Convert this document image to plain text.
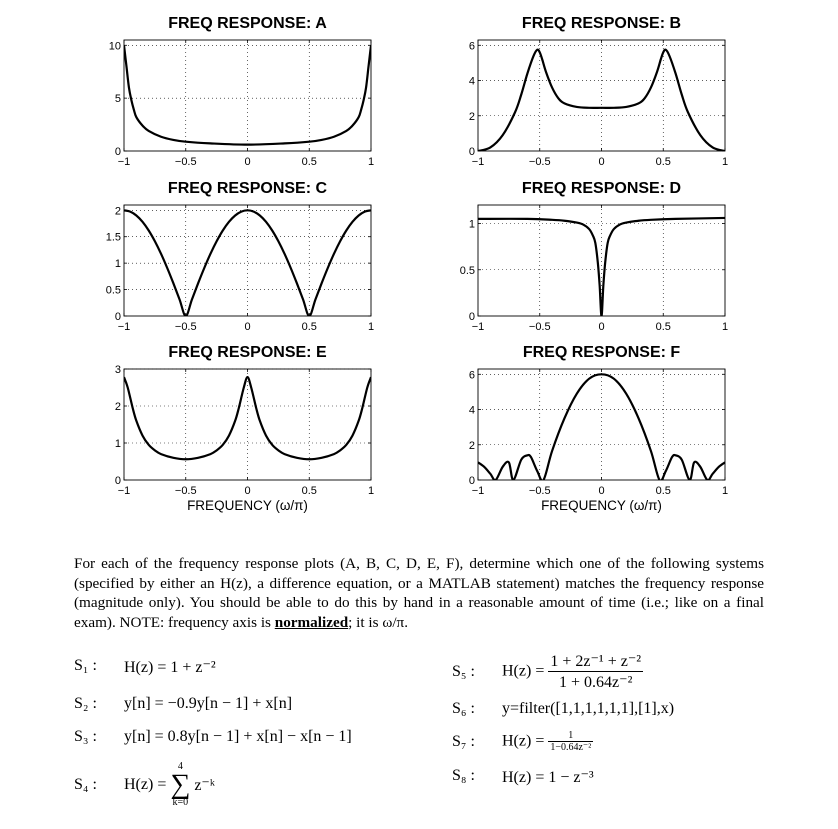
−1	−0.5	0	0.5	1
0
5
10
FREQ RESPONSE: A
−1	−0.5	0	0.5	1
0
2
4
6
FREQ RESPONSE: B
−1	−0.5	0	0.5	1
0
0.5
1
1.5
2
FREQ RESPONSE: C
−1	−0.5	0	0.5	1
0
0.5
1
FREQ RESPONSE: D
−1	−0.5	0	0.5	1
0
1
2
3
FREQ RESPONSE: E
FREQUENCY (ω/π)
−1	−0.5	0	0.5	1
0
2
4
6
FREQ RESPONSE: F
FREQUENCY (ω/π)
For each of the frequency response plots (A, B, C, D, E, F), determine which one of the following systems (specified by either an H(z), a difference equation, or a MATLAB statement) matches the frequency response (magnitude only). You should be able to do this by hand in a reasonable amount of time (i.e.; like on a final exam). NOTE: frequency axis is normalized; it is ω/π.
S₁ : H(z) = 1 + z⁻²
S₂ : y[n] = −0.9y[n − 1] + x[n]
S₃ : y[n] = 0.8y[n − 1] + x[n] − x[n − 1]
S₄ : H(z) =
4
∑
k=0
z⁻ᵏ
S₅ : $H(z) = \frac{\text{1 + 2z⁻¹ + z⁻²}}{\text{1 + 0.64z⁻²}}$
S₆ : y=filter([1,1,1,1,1,1],[1],x)
S₇ : $H(z) = \frac{1}{\text{1−0.64z⁻²}}$
S₈ : H(z) = 1 − z⁻³
